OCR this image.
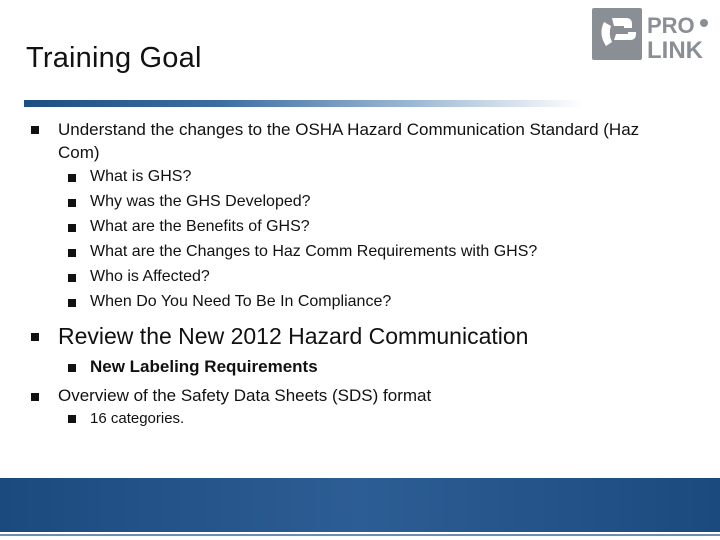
Training Goal
PRO
LINK
Understand the changes to the OSHA Hazard Communication Standard (Haz
Com)
What is GHS?
Why was the GHS Developed?
What are the Benefits of GHS?
What are the Changes to Haz Comm Requirements with GHS?
Who is Affected?
When Do You Need To Be In Compliance?
Review the New 2012 Hazard Communication
New Labeling Requirements
Overview of the Safety Data Sheets (SDS) format
16 categories.
